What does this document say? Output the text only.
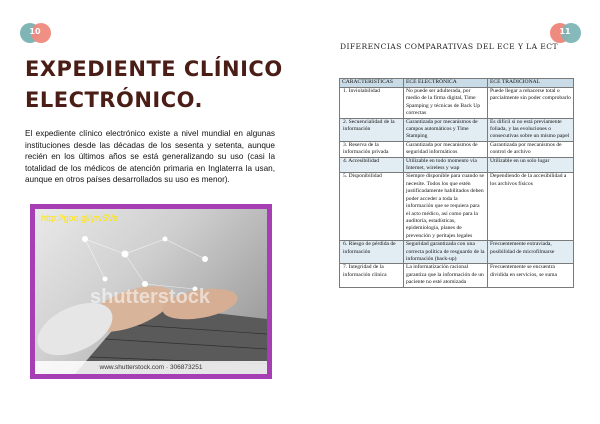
10
EXPEDIENTE CLÍNICO ELECTRÓNICO.

El expediente clínico electrónico existe a nivel mundial en algunas instituciones desde las décadas de los sesenta y setenta, aunque recién en los últimos años se está generalizando su uso (casi la totalidad de los médicos de atención primaria en Inglaterra la usan, aunque en otros países desarrollados su uso es menor).

http://goo.gl/yrv6Ve
shutterstock
www.shutterstock.com · 306873251
11
DIFERENCIAS COMPARATIVAS DEL ECE Y LA ECT
CARACTERISTICAS	ECE ELECTRÓNICA	ECE TRADICIONAL
1. Inviolabilidad	No puede ser adulterada, por medio de la firma digital, Time Spamping y técnicas de Back Up correctas	Puede llegar a rehacerse total o parcialmente sin poder comprobarlo
2. Secuencialidad de la información	Garantizada por mecanismos de campos automáticos y Time Stamping	Es difícil si no está previamente foliada, y las evoluciones o consecutivas sobre un mismo papel
3. Reserva de la información privada	Garantizada por mecanismos de seguridad informáticos	Garantizada por mecanismos de control de archivo
4. Accesibilidad	Utilizable en todo momento vía Internet, wireless y wap	Utilizable en un solo lugar
5. Disponibilidad	Siempre disponible para cuando se necesite. Todos los que estén justificadamente habilitados deben poder acceder a toda la información que se requiera para el acto médico, así como para la auditoría, estadísticas, epidemiología, planes de prevención y peritajes legales	Dependiendo de la accesibilidad a los archivos físicos
6. Riesgo de pérdida de información	Seguridad garantizada con una correcta política de resguardo de la información (back-up)	Frecuentemente extraviada, posibilidad de microfilmarse
7. Integridad de la información clínica	La informatización racional garantiza que la información de un paciente no esté atomizada	Frecuentemente se encuentra dividida en servicios, se suma
